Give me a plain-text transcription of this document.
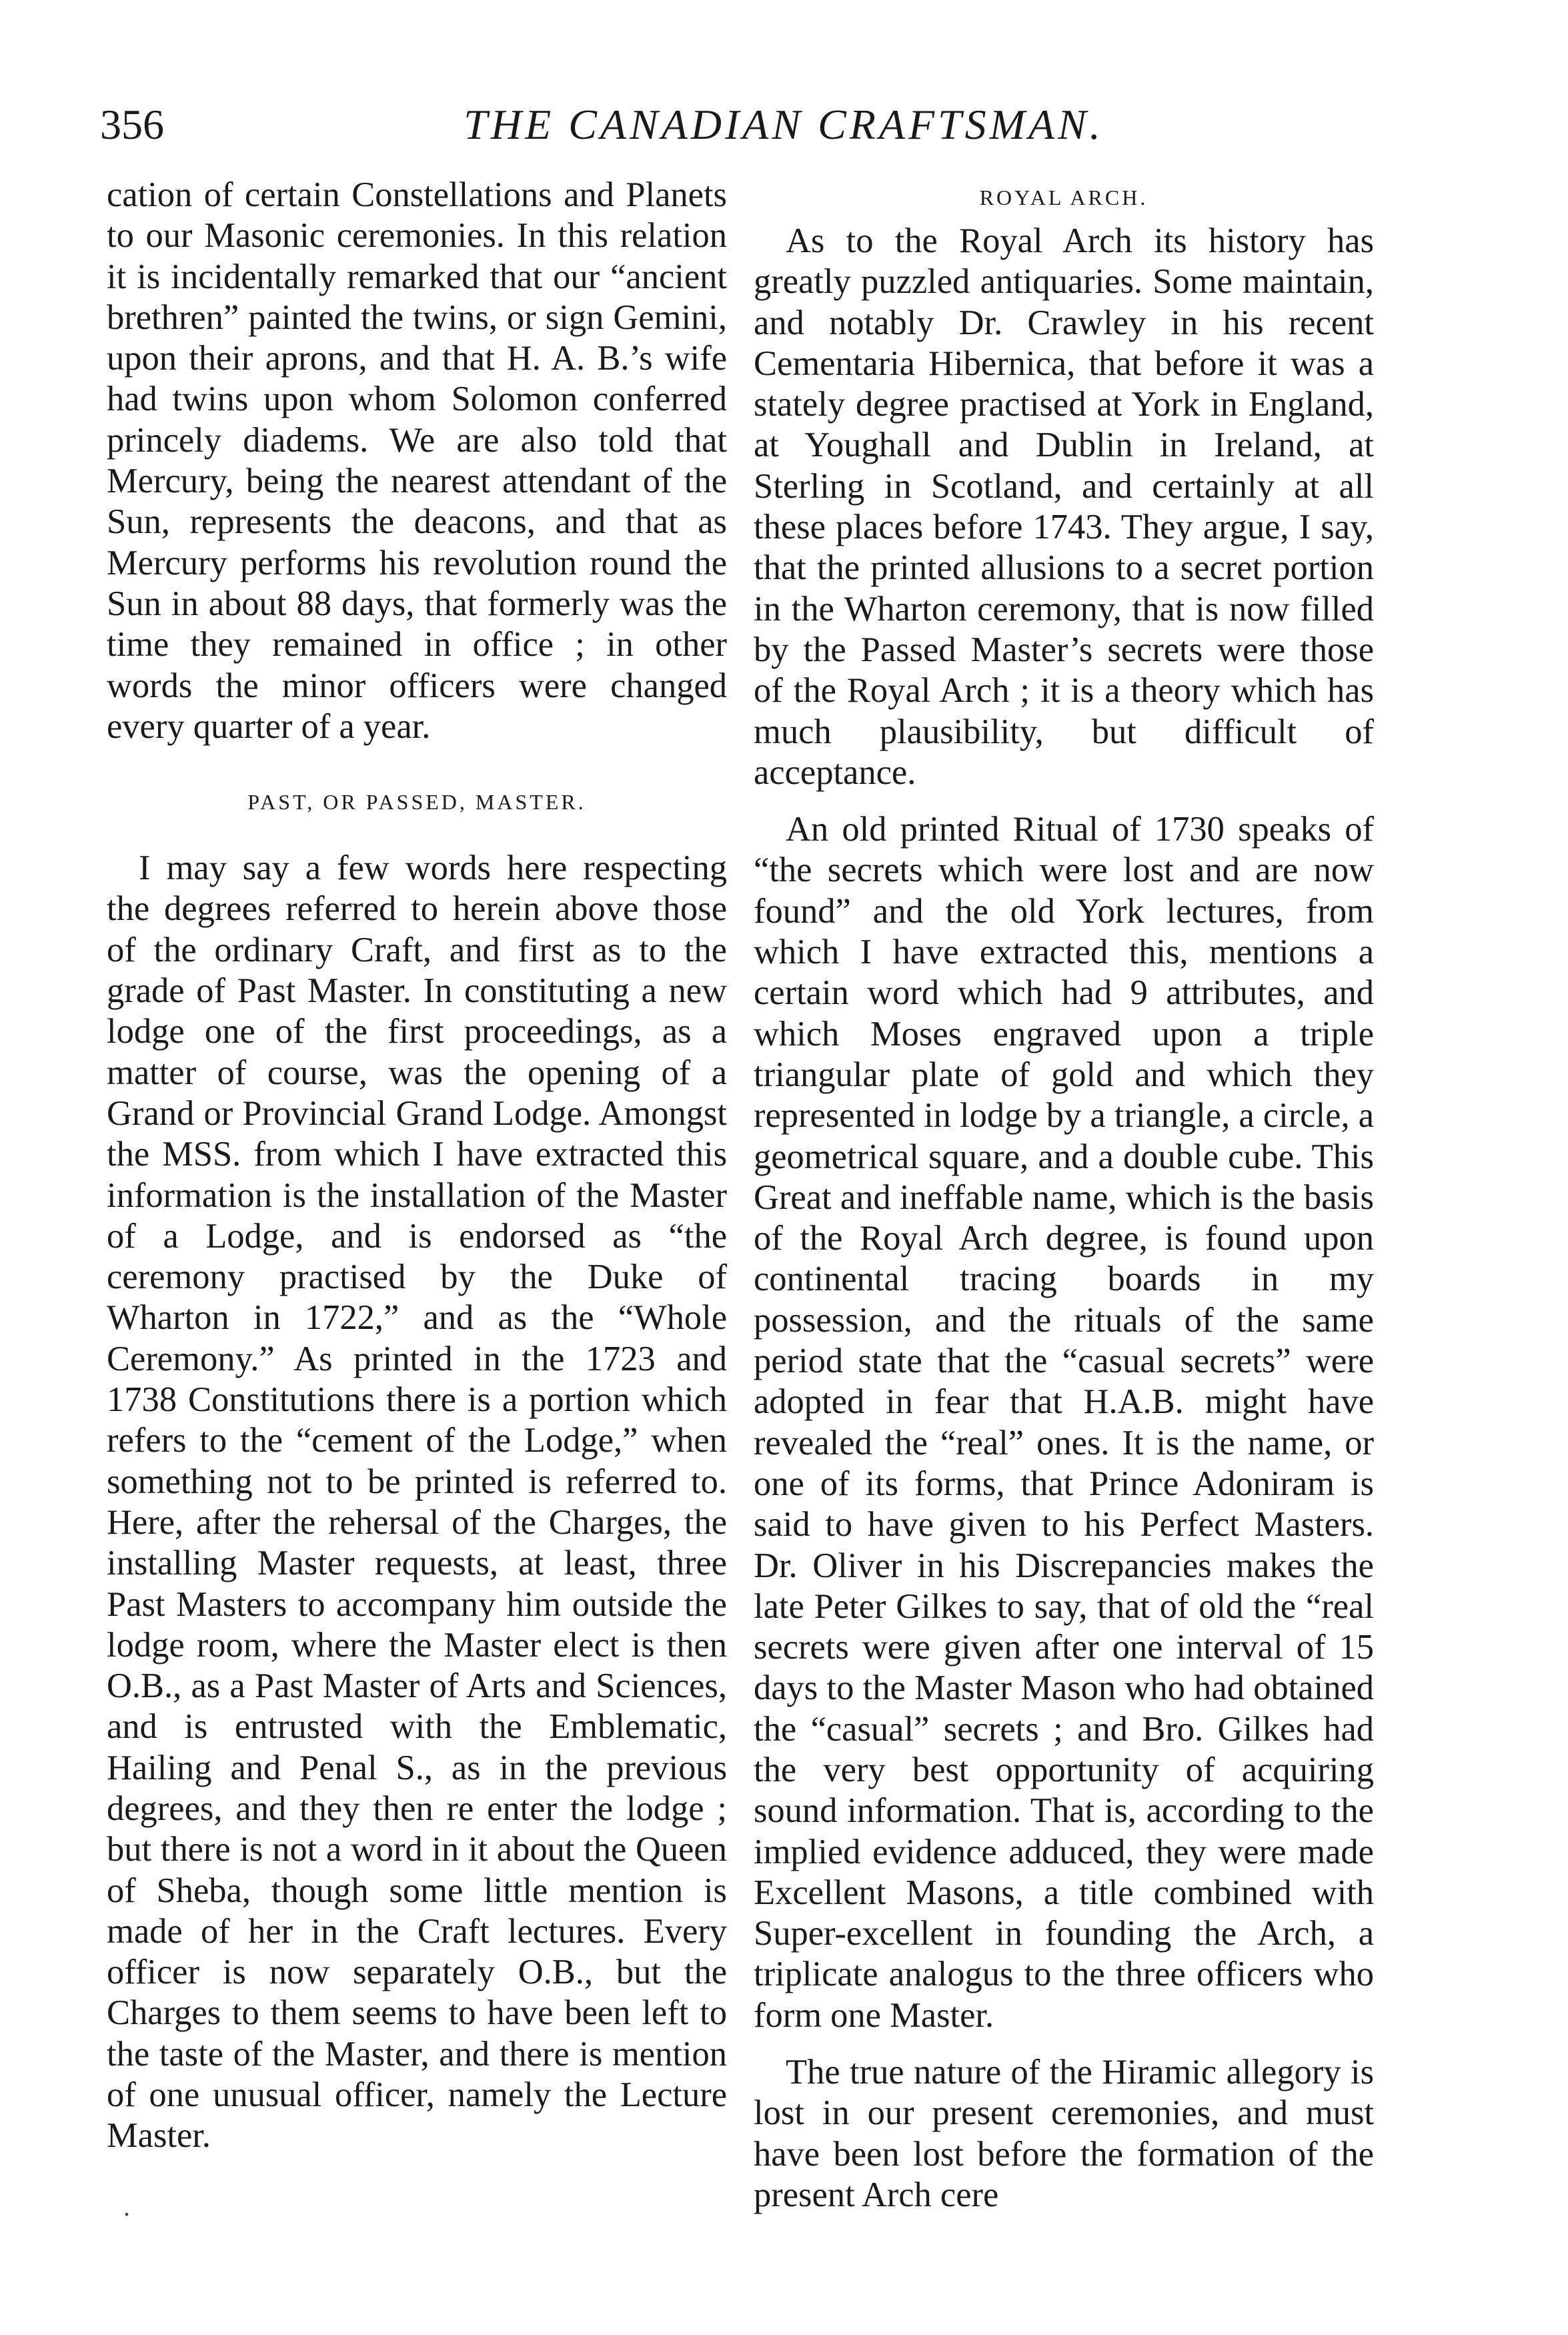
356	THE CANADIAN CRAFTSMAN.

cation of certain Constellations and Planets to our Masonic ceremonies. In this relation it is incidentally remarked that our “ancient brethren” painted the twins, or sign Gemini, upon their aprons, and that H. A. B.’s wife had twins upon whom Solomon conferred princely diadems. We are also told that Mercury, being the nearest attendant of the Sun, represents the deacons, and that as Mercury performs his revolution round the Sun in about 88 days, that formerly was the time they remained in office ; in other words the minor officers were changed every quarter of a year.

PAST, OR PASSED, MASTER.

I may say a few words here respecting the degrees referred to herein above those of the ordinary Craft, and first as to the grade of Past Master. In constituting a new lodge one of the first proceedings, as a matter of course, was the opening of a Grand or Provincial Grand Lodge. Amongst the MSS. from which I have extracted this information is the installation of the Master of a Lodge, and is endorsed as “the ceremony practised by the Duke of Wharton in 1722,” and as the “Whole Ceremony.” As printed in the 1723 and 1738 Constitutions there is a portion which refers to the “cement of the Lodge,” when something not to be printed is referred to. Here, after the rehersal of the Charges, the installing Master requests, at least, three Past Masters to accompany him outside the lodge room, where the Master elect is then O.B., as a Past Master of Arts and Sciences, and is entrusted with the Emblematic, Hailing and Penal S., as in the previous degrees, and they then re enter the lodge ; but there is not a word in it about the Queen of Sheba, though some little mention is made of her in the Craft lectures. Every officer is now separately O.B., but the Charges to them seems to have been left to the taste of the Master, and there is mention of one unusual officer, namely the Lecture Master.

ROYAL ARCH.

As to the Royal Arch its history has greatly puzzled antiquaries. Some maintain, and notably Dr. Crawley in his recent Cementaria Hibernica, that before it was a stately degree practised at York in England, at Youghall and Dublin in Ireland, at Sterling in Scotland, and certainly at all these places before 1743. They argue, I say, that the printed allusions to a secret portion in the Wharton ceremony, that is now filled by the Passed Master’s secrets were those of the Royal Arch ; it is a theory which has much plausibility, but difficult of acceptance.

An old printed Ritual of 1730 speaks of “the secrets which were lost and are now found” and the old York lectures, from which I have extracted this, mentions a certain word which had 9 attributes, and which Moses engraved upon a triple triangular plate of gold and which they represented in lodge by a triangle, a circle, a geometrical square, and a double cube. This Great and ineffable name, which is the basis of the Royal Arch degree, is found upon continental tracing boards in my possession, and the rituals of the same period state that the “casual secrets” were adopted in fear that H.A.B. might have revealed the “real” ones. It is the name, or one of its forms, that Prince Adoniram is said to have given to his Perfect Masters. Dr. Oliver in his Discrepancies makes the late Peter Gilkes to say, that of old the “real secrets were given after one interval of 15 days to the Master Mason who had obtained the “casual” secrets ; and Bro. Gilkes had the very best opportunity of acquiring sound information. That is, according to the implied evidence adduced, they were made Excellent Masons, a title combined with Super-excellent in founding the Arch, a triplicate analogus to the three officers who form one Master.

The true nature of the Hiramic allegory is lost in our present ceremonies, and must have been lost before the formation of the present Arch cere

.
